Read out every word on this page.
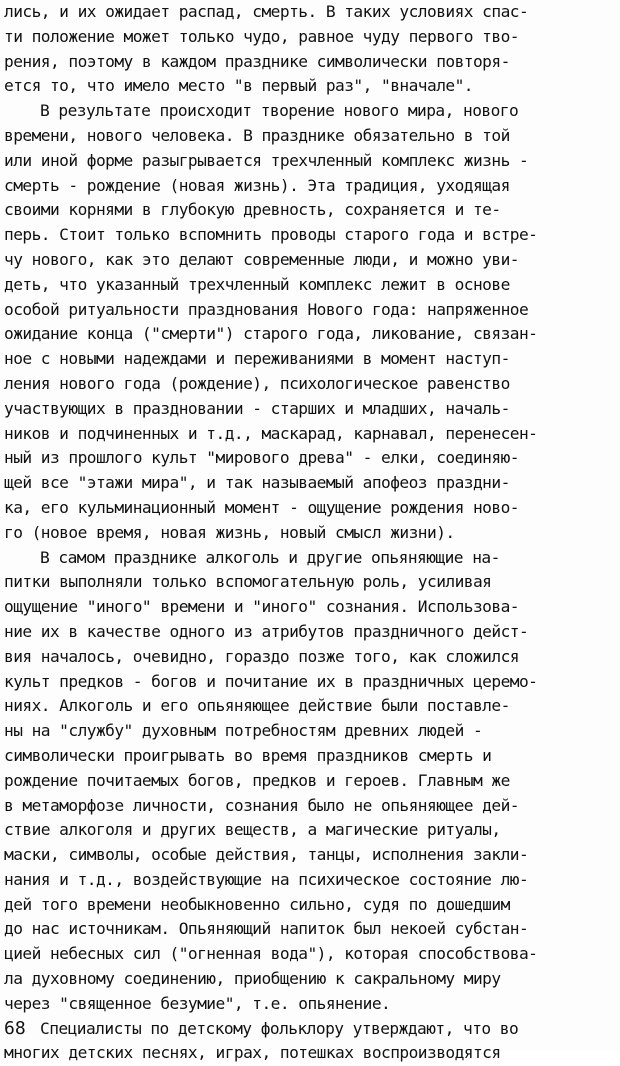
лись, и их ожидает распад, смерть. В таких условиях спас-
ти положение может только чудо, равное чуду первого тво-
рения, поэтому в каждом празднике символически повторя-
ется то, что имело место "в первый раз", "вначале".
В результате происходит творение нового мира, нового
времени, нового человека. В празднике обязательно в той
или иной форме разыгрывается трехчленный комплекс жизнь -
смерть - рождение (новая жизнь). Эта традиция, уходящая
своими корнями в глубокую древность, сохраняется и те-
перь. Стоит только вспомнить проводы старого года и встре-
чу нового, как это делают современные люди, и можно уви-
деть, что указанный трехчленный комплекс лежит в основе
особой ритуальности празднования Нового года: напряженное
ожидание конца ("смерти") старого года, ликование, связан-
ное с новыми надеждами и переживаниями в момент наступ-
ления нового года (рождение), психологическое равенство
участвующих в праздновании - старших и младших, началь-
ников и подчиненных и т.д., маскарад, карнавал, перенесен-
ный из прошлого культ "мирового древа" - елки, соединяю-
щей все "этажи мира", и так называемый апофеоз праздни-
ка, его кульминационный момент - ощущение рождения ново-
го (новое время, новая жизнь, новый смысл жизни).
В самом празднике алкоголь и другие опьяняющие на-
питки выполняли только вспомогательную роль, усиливая
ощущение "иного" времени и "иного" сознания. Использова-
ние их в качестве одного из атрибутов праздничного дейст-
вия началось, очевидно, гораздо позже того, как сложился
культ предков - богов и почитание их в праздничных церемо-
ниях. Алкоголь и его опьяняющее действие были поставле-
ны на "службу" духовным потребностям древних людей -
символически проигрывать во время праздников смерть и
рождение почитаемых богов, предков и героев. Главным же
в метаморфозе личности, сознания было не опьяняющее дей-
ствие алкоголя и других веществ, а магические ритуалы,
маски, символы, особые действия, танцы, исполнения закли-
нания и т.д., воздействующие на психическое состояние лю-
дей того времени необыкновенно сильно, судя по дошедшим
до нас источникам. Опьяняющий напиток был некоей субстан-
цией небесных сил ("огненная вода"), которая способствова-
ла духовному соединению, приобщению к сакральному миру
через "священное безумие", т.е. опьянение.
Специалисты по детскому фольклору утверждают, что во
многих детских песнях, играх, потешках воспроизводятся
68
